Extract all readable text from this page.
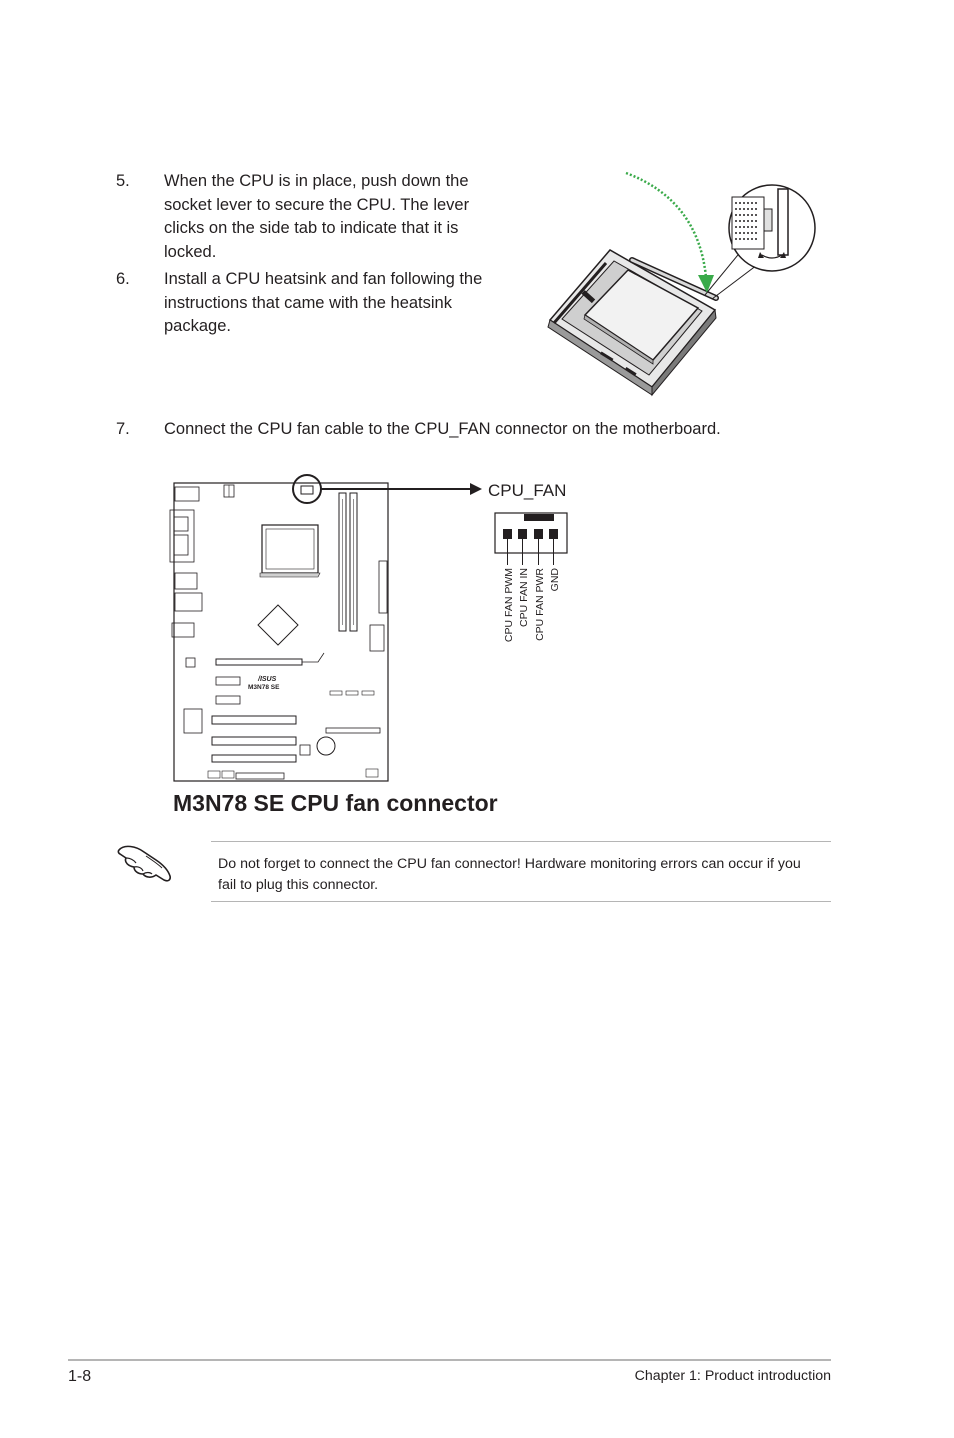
5.	When the CPU is in place, push down the socket lever to secure the CPU. The lever clicks on the side tab to indicate that it is locked.
6.	Install a CPU heatsink and fan following the instructions that came with the heatsink package.
7.	Connect the CPU fan cable to the CPU_FAN connector on the motherboard.
/ISUS
M3N78 SE
CPU_FAN
CPU FAN PWM CPU FAN IN CPU FAN PWR GND
M3N78 SE CPU fan connector
Do not forget to connect the CPU fan connector! Hardware monitoring errors can occur if you fail to plug this connector.
1-8	Chapter 1: Product introduction
